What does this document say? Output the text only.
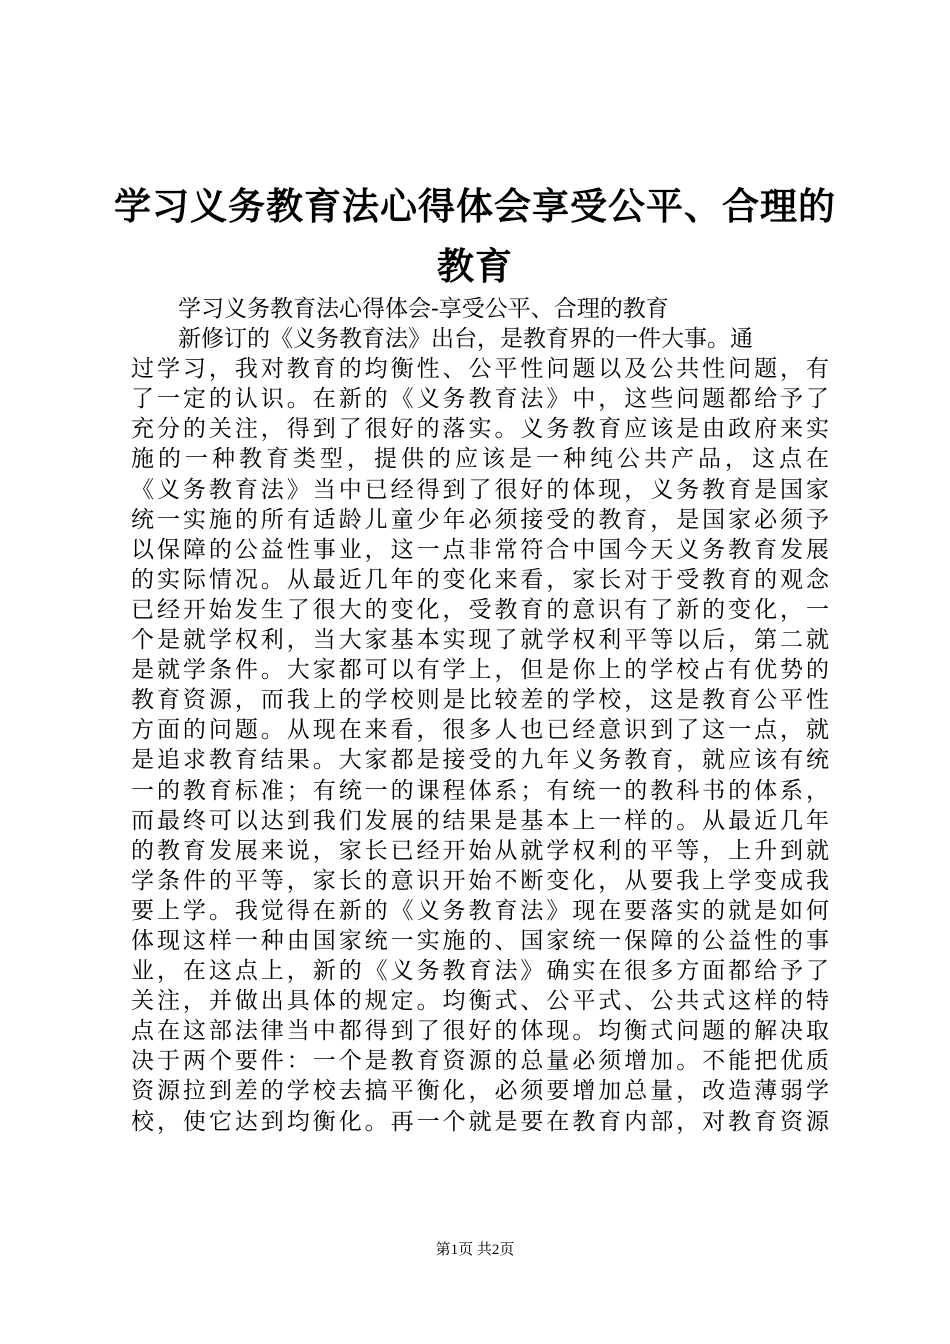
学习义务教育法心得体会享受公平、合理的教育
学习义务教育法心得体会-享受公平、合理的教育
新修订的《义务教育法》出台，是教育界的一件大事。通
过学习，我对教育的均衡性、公平性问题以及公共性问题，有
了一定的认识。在新的《义务教育法》中，这些问题都给予了
充分的关注，得到了很好的落实。义务教育应该是由政府来实
施的一种教育类型，提供的应该是一种纯公共产品，这点在
《义务教育法》当中已经得到了很好的体现，义务教育是国家
统一实施的所有适龄儿童少年必须接受的教育，是国家必须予
以保障的公益性事业，这一点非常符合中国今天义务教育发展
的实际情况。从最近几年的变化来看，家长对于受教育的观念
已经开始发生了很大的变化，受教育的意识有了新的变化，一
个是就学权利，当大家基本实现了就学权利平等以后，第二就
是就学条件。大家都可以有学上，但是你上的学校占有优势的
教育资源，而我上的学校则是比较差的学校，这是教育公平性
方面的问题。从现在来看，很多人也已经意识到了这一点，就
是追求教育结果。大家都是接受的九年义务教育，就应该有统
一的教育标准；有统一的课程体系；有统一的教科书的体系，
而最终可以达到我们发展的结果是基本上一样的。从最近几年
的教育发展来说，家长已经开始从就学权利的平等，上升到就
学条件的平等，家长的意识开始不断变化，从要我上学变成我
要上学。我觉得在新的《义务教育法》现在要落实的就是如何
体现这样一种由国家统一实施的、国家统一保障的公益性的事
业，在这点上，新的《义务教育法》确实在很多方面都给予了
关注，并做出具体的规定。均衡式、公平式、公共式这样的特
点在这部法律当中都得到了很好的体现。均衡式问题的解决取
决于两个要件：一个是教育资源的总量必须增加。不能把优质
资源拉到差的学校去搞平衡化，必须要增加总量，改造薄弱学
校，使它达到均衡化。再一个就是要在教育内部，对教育资源
第1页 共2页
